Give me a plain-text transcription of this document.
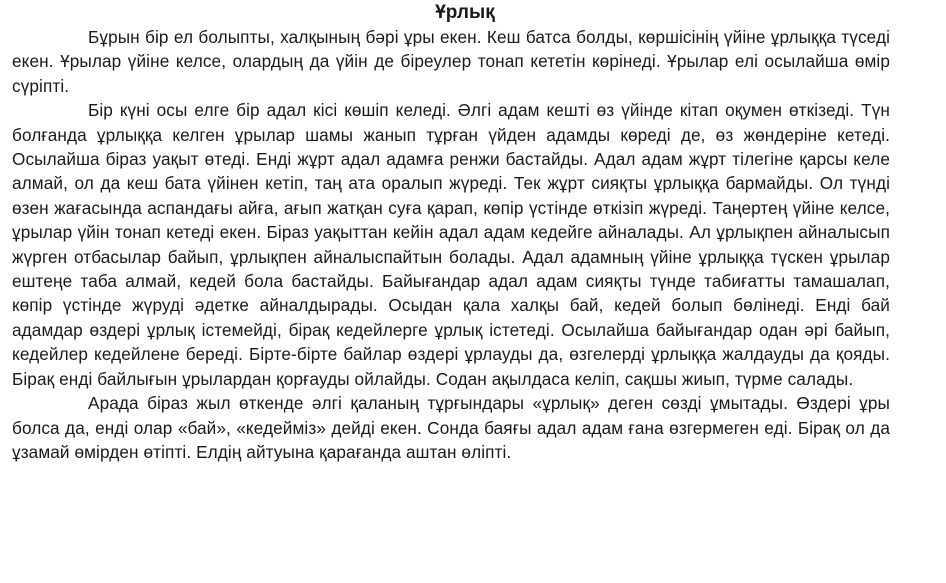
Ұрлық

Бұрын бір ел болыпты, халқының бәрі ұры екен. Кеш батса болды, көршісінің үйіне ұрлыққа түседі екен. Ұрылар үйіне келсе, олардың да үйін де біреулер тонап кететін көрінеді. Ұрылар елі осылайша өмір сүріпті.

Бір күні осы елге бір адал кісі көшіп келеді. Әлгі адам кешті өз үйінде кітап оқумен өткізеді. Түн болғанда ұрлыққа келген ұрылар шамы жанып тұрған үйден адамды көреді де, өз жөндеріне кетеді. Осылайша біраз уақыт өтеді. Енді жұрт адал адамға ренжи бастайды. Адал адам жұрт тілегіне қарсы келе алмай, ол да кеш бата үйінен кетіп, таң ата оралып жүреді. Тек жұрт сияқты ұрлыққа бармайды. Ол түнді өзен жағасында аспандағы айға, ағып жатқан суға қарап, көпір үстінде өткізіп жүреді. Таңертең үйіне келсе, ұрылар үйін тонап кетеді екен. Біраз уақыттан кейін адал адам кедейге айналады. Ал ұрлықпен айналысып жүрген отбасылар байып, ұрлықпен айналыспайтын болады. Адал адамның үйіне ұрлыққа түскен ұрылар ештеңе таба алмай, кедей бола бастайды. Байығандар адал адам сияқты түнде табиғатты тамашалап, көпір үстінде жүруді әдетке айналдырады. Осыдан қала халқы бай, кедей болып бөлінеді. Енді бай адамдар өздері ұрлық істемейді, бірақ кедейлерге ұрлық істетеді. Осылайша байығандар одан әрі байып, кедейлер кедейлене береді. Бірте-бірте байлар өздері ұрлауды да, өзгелерді ұрлыққа жалдауды да қояды. Бірақ енді байлығын ұрылардан қорғауды ойлайды. Содан ақылдаса келіп, сақшы жиып, түрме салады.

Арада біраз жыл өткенде әлгі қаланың тұрғындары «ұрлық» деген сөзді ұмытады. Өздері ұры болса да, енді олар «бай», «кедейміз» дейді екен. Сонда баяғы адал адам ғана өзгермеген еді. Бірақ ол да ұзамай өмірден өтіпті. Елдің айтуына қарағанда аштан өліпті.
